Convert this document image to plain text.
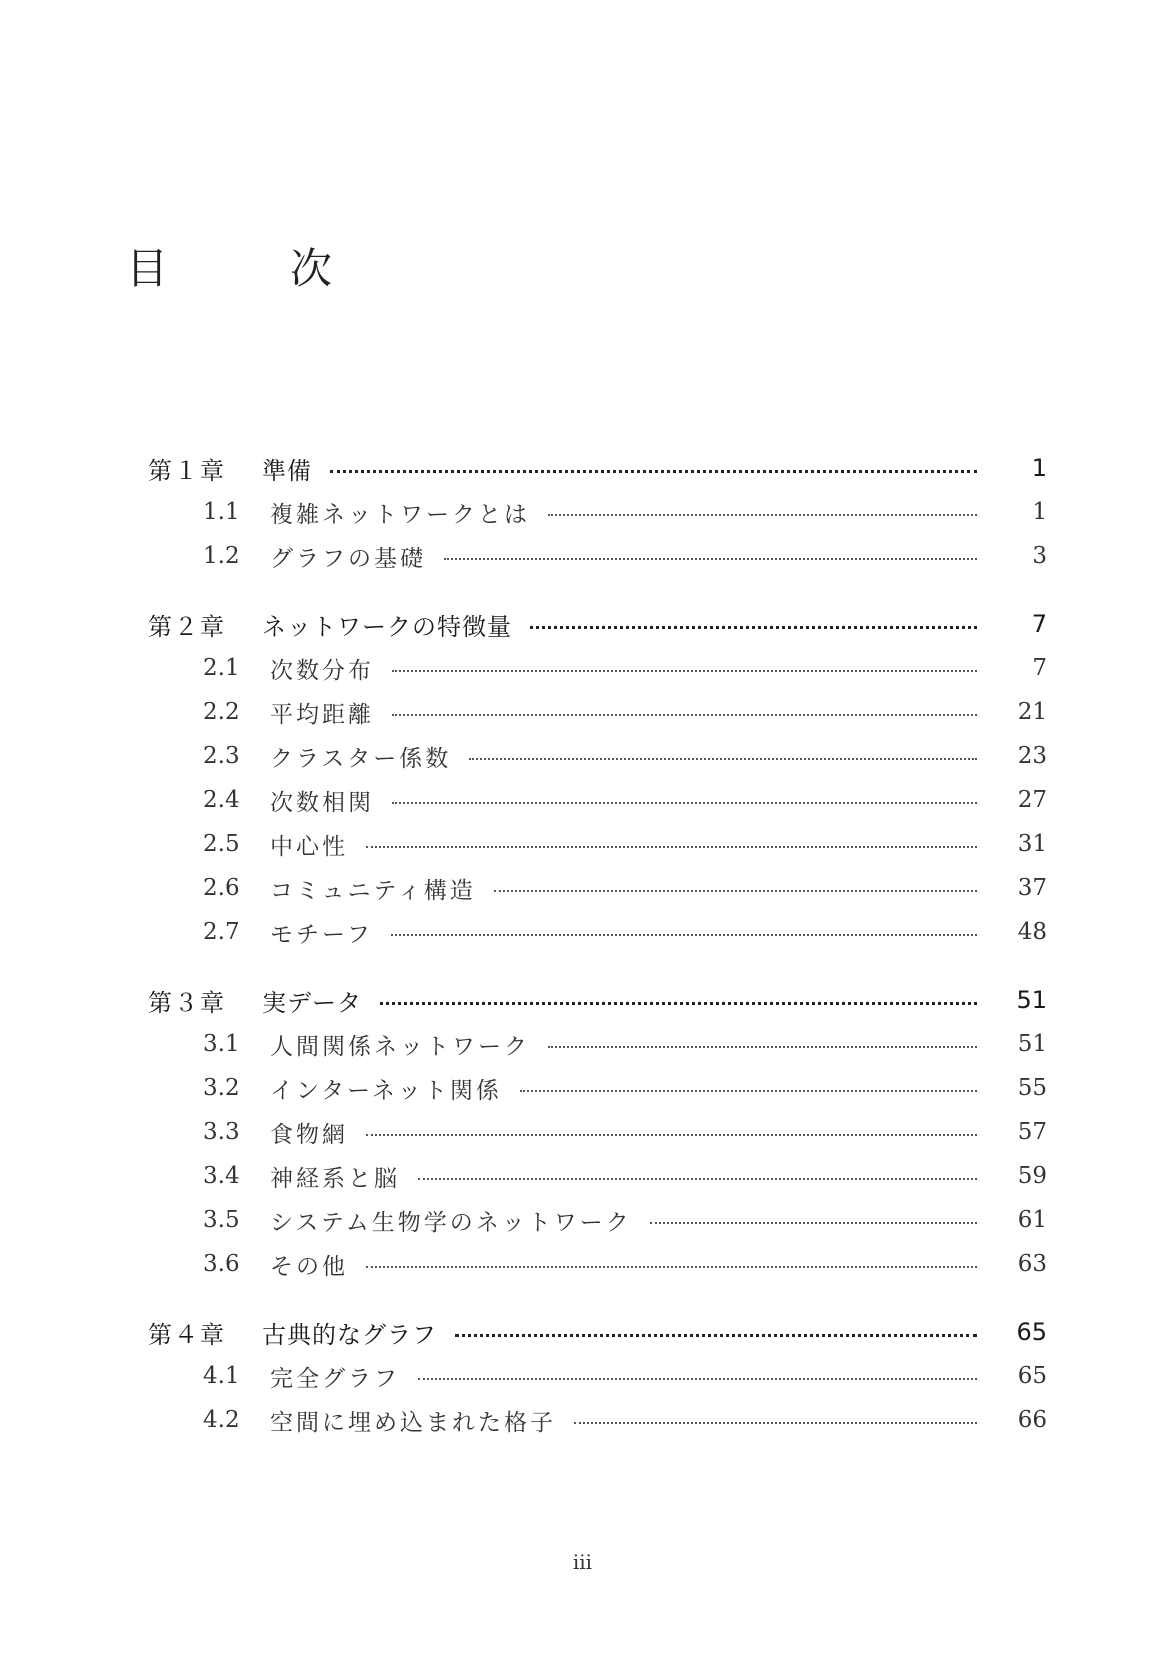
目　次
第１章 準備	1
1.1 複雑ネットワークとは	1
1.2 グラフの基礎	3
第２章 ネットワークの特徴量	7
2.1 次数分布	7
2.2 平均距離	21
2.3 クラスター係数	23
2.4 次数相関	27
2.5 中心性	31
2.6 コミュニティ構造	37
2.7 モチーフ	48
第３章 実データ	51
3.1 人間関係ネットワーク	51
3.2 インターネット関係	55
3.3 食物網	57
3.4 神経系と脳	59
3.5 システム生物学のネットワーク	61
3.6 その他	63
第４章 古典的なグラフ	65
4.1 完全グラフ	65
4.2 空間に埋め込まれた格子	66
iii
